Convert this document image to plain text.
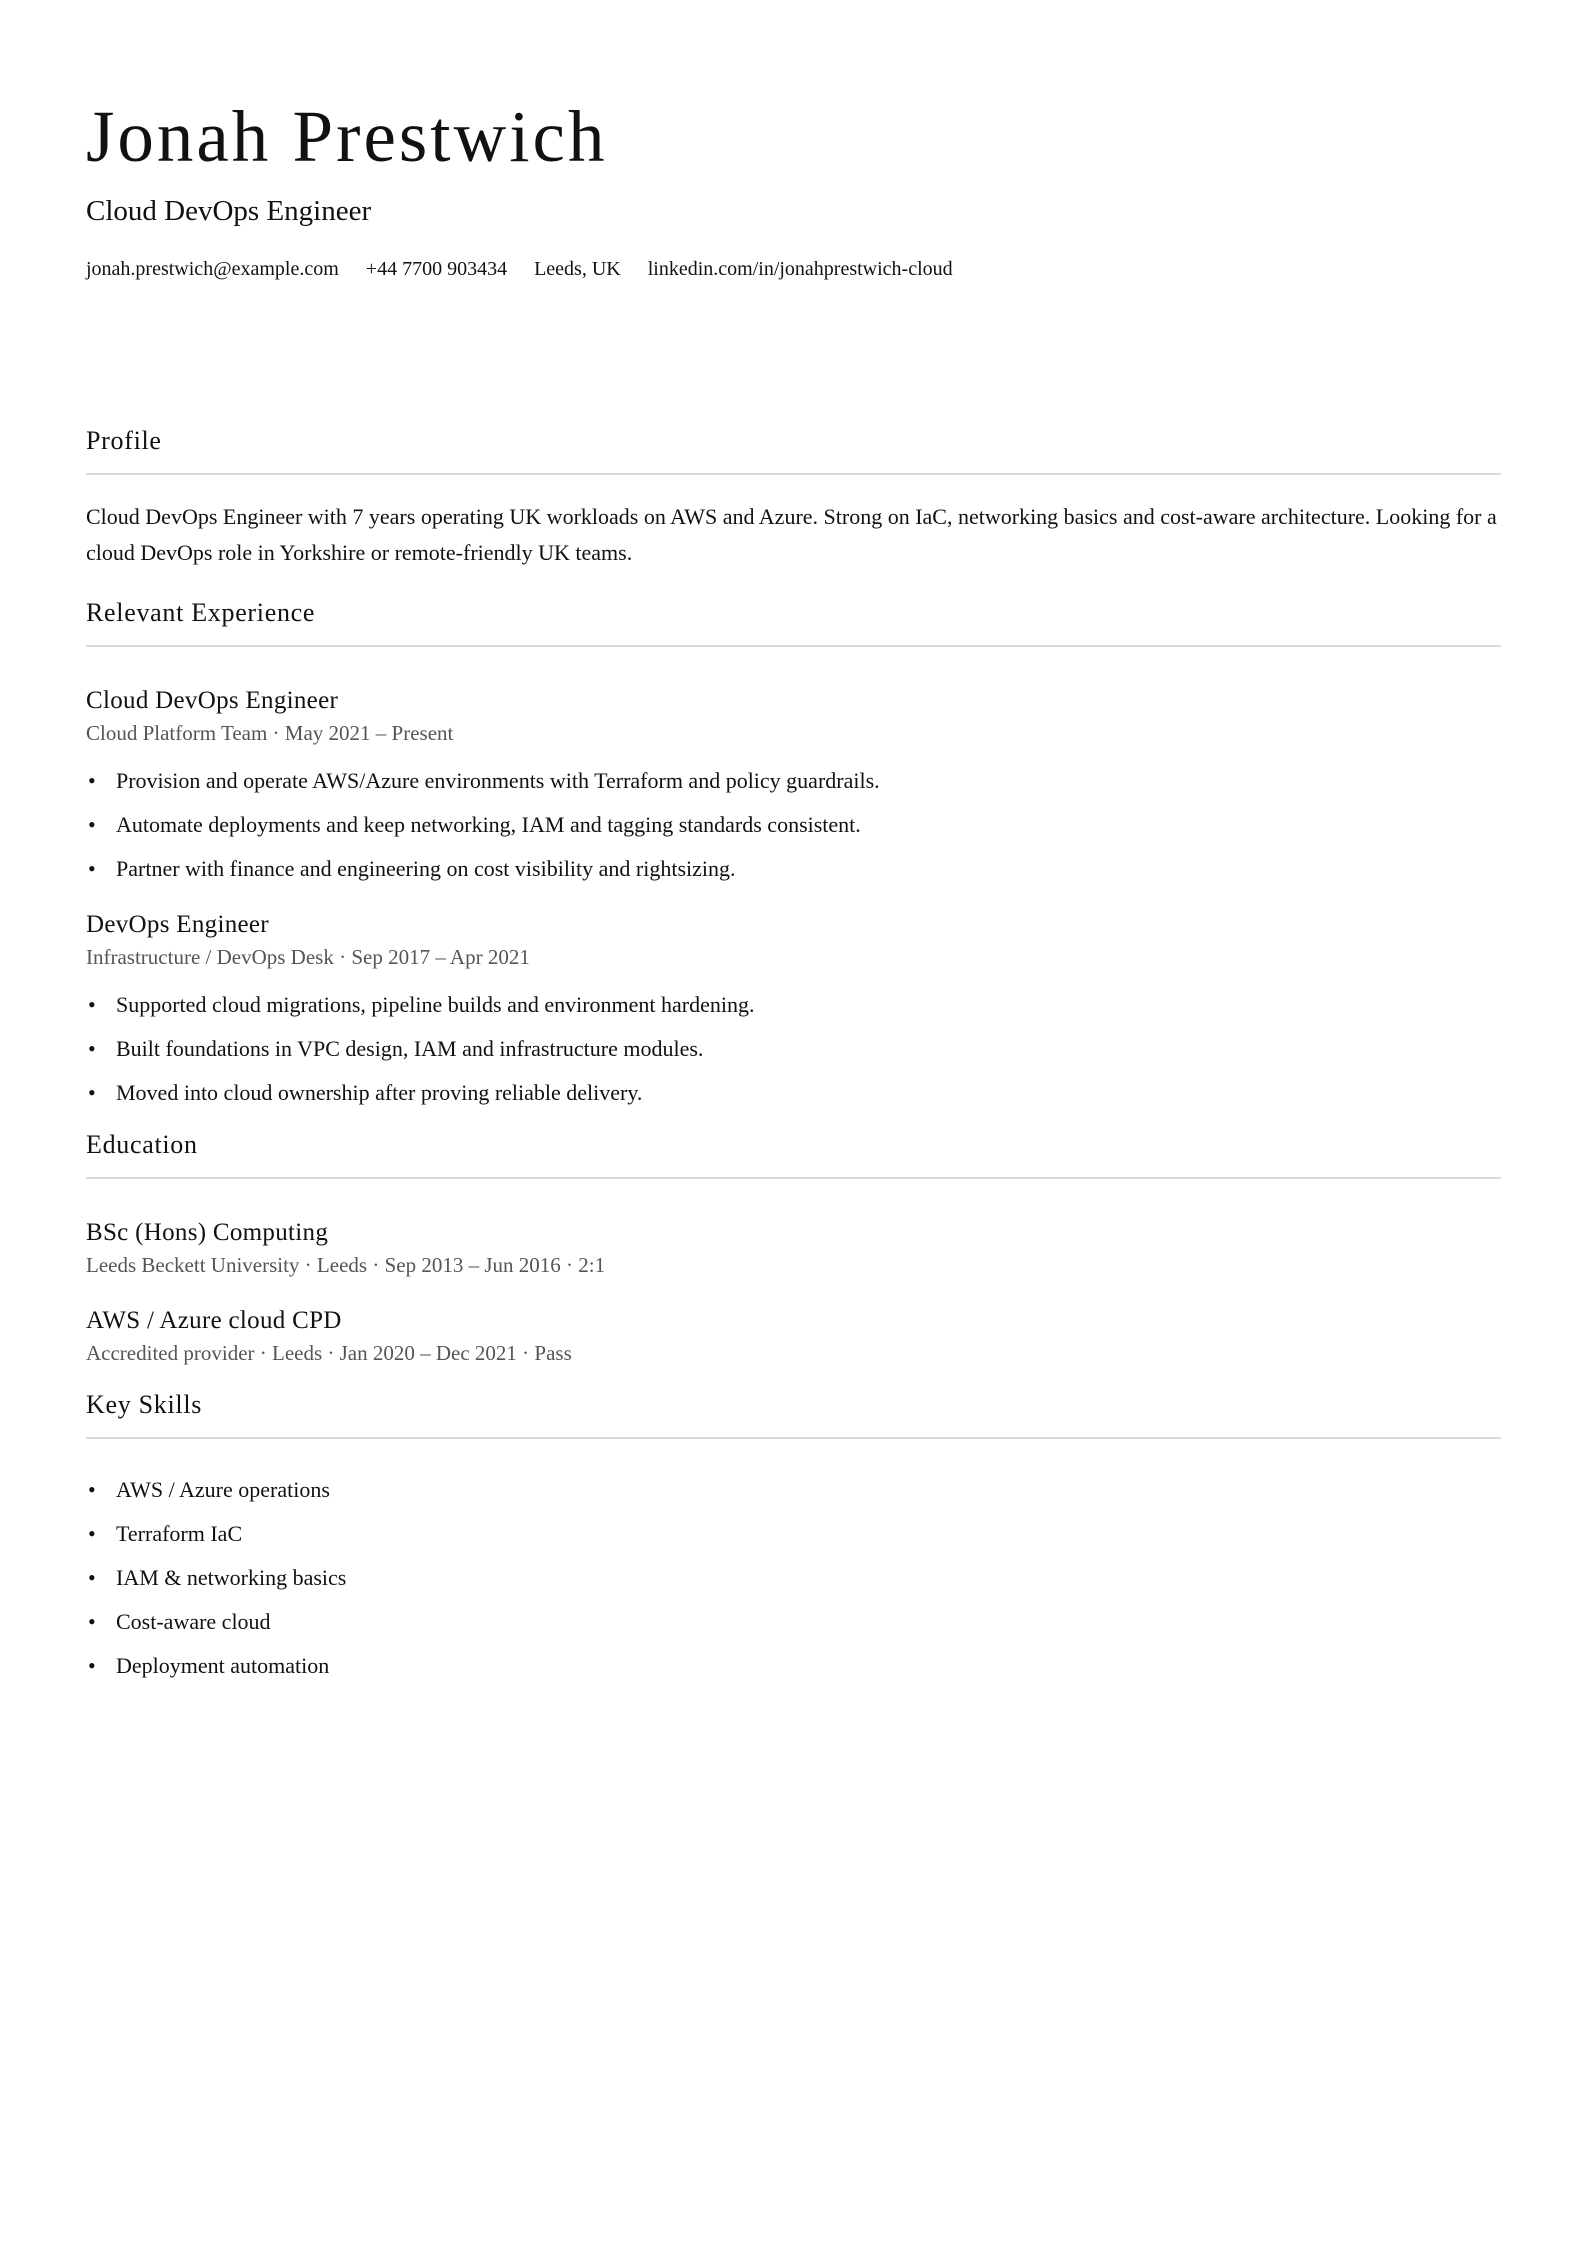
Jonah Prestwich
Cloud DevOps Engineer
jonah.prestwich@example.com +44 7700 903434 Leeds, UK linkedin.com/in/jonahprestwich-cloud
Profile

Cloud DevOps Engineer with 7 years operating UK workloads on AWS and Azure. Strong on IaC, networking basics and cost-aware architecture. Looking for a cloud DevOps role in Yorkshire or remote-friendly UK teams.

Relevant Experience
Cloud DevOps Engineer
Cloud Platform Team · May 2021 – Present
• Provision and operate AWS/Azure environments with Terraform and policy guardrails.
• Automate deployments and keep networking, IAM and tagging standards consistent.
• Partner with finance and engineering on cost visibility and rightsizing.
DevOps Engineer
Infrastructure / DevOps Desk · Sep 2017 – Apr 2021
• Supported cloud migrations, pipeline builds and environment hardening.
• Built foundations in VPC design, IAM and infrastructure modules.
• Moved into cloud ownership after proving reliable delivery.
Education
BSc (Hons) Computing
Leeds Beckett University · Leeds · Sep 2013 – Jun 2016 · 2:1
AWS / Azure cloud CPD
Accredited provider · Leeds · Jan 2020 – Dec 2021 · Pass
Key Skills
• AWS / Azure operations
• Terraform IaC
• IAM & networking basics
• Cost-aware cloud
• Deployment automation
